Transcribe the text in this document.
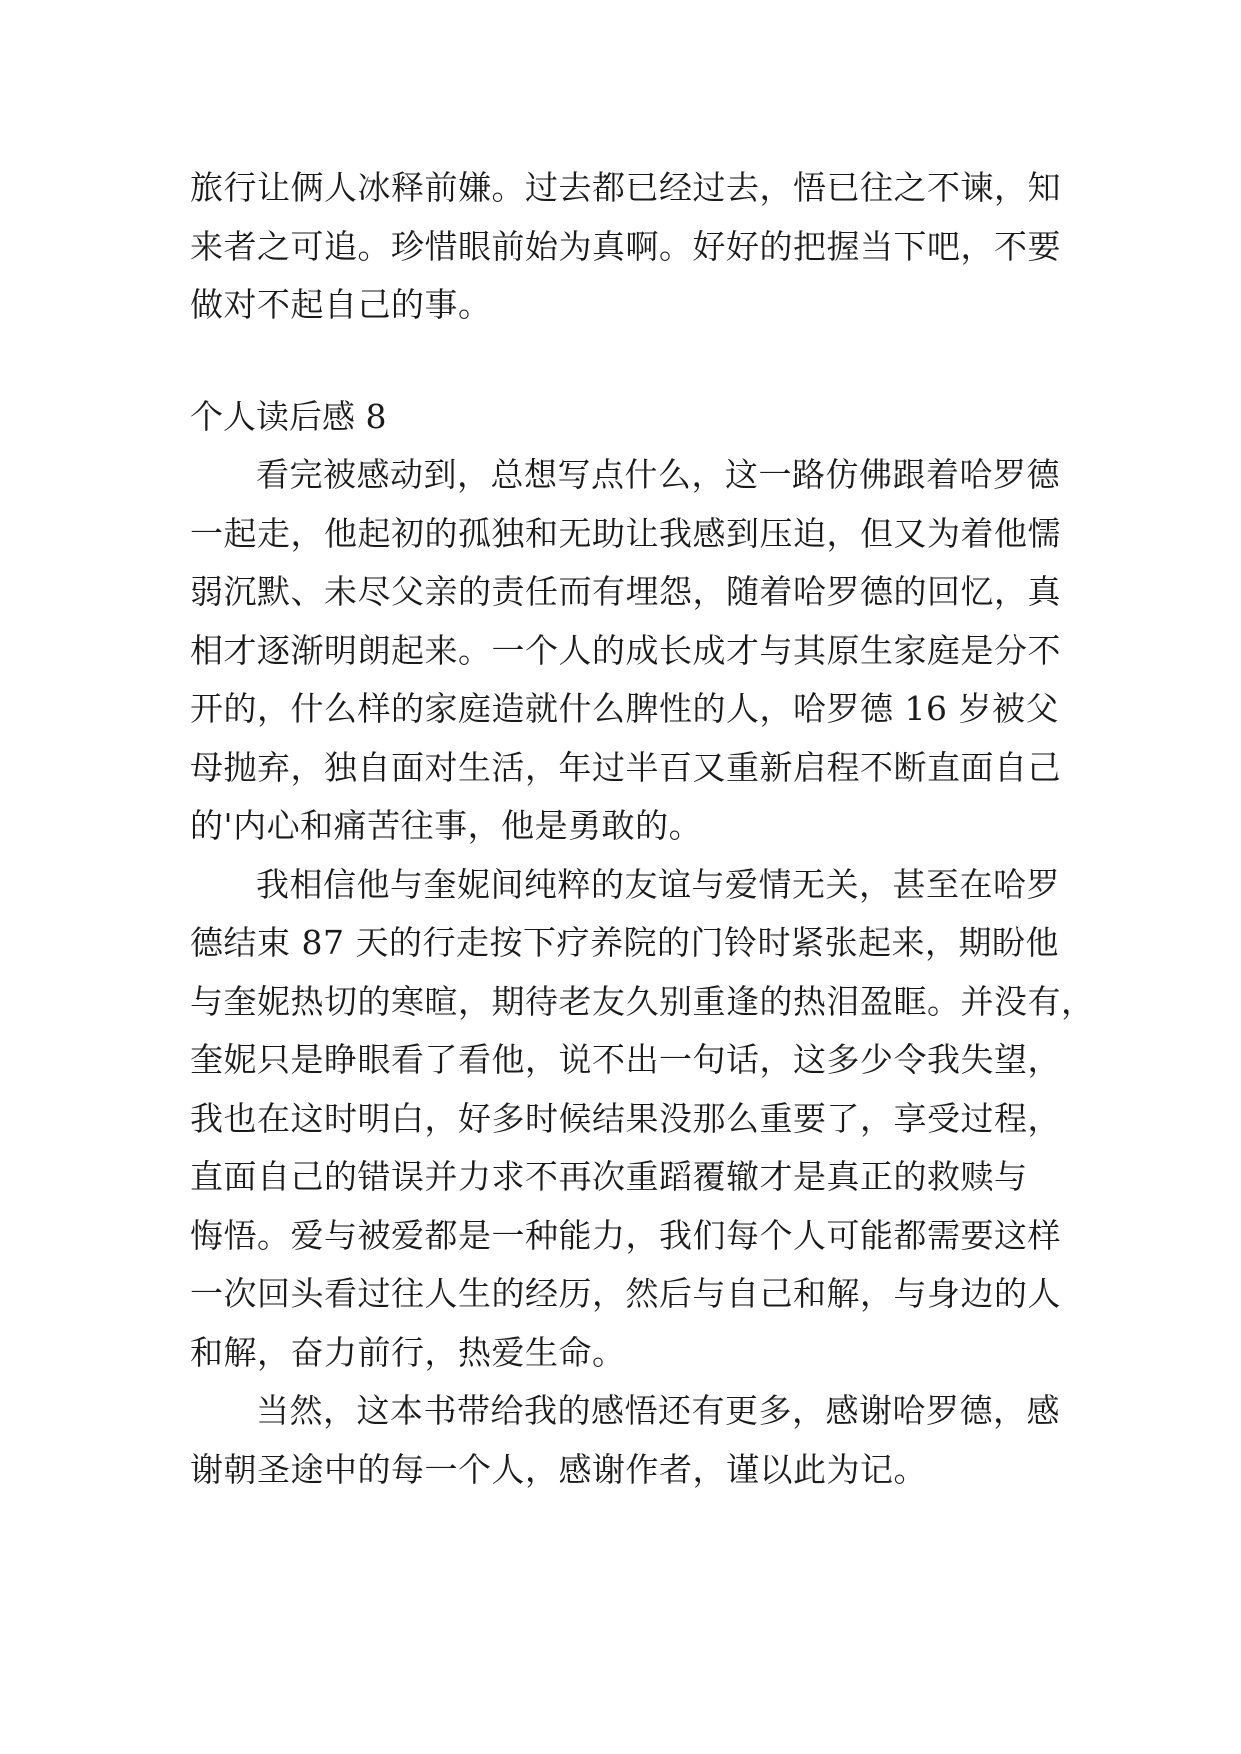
旅行让俩人冰释前嫌。过去都已经过去，悟已往之不谏，知
来者之可追。珍惜眼前始为真啊。好好的把握当下吧，不要
做对不起自己的事。
个人读后感 8
看完被感动到，总想写点什么，这一路仿佛跟着哈罗德
一起走，他起初的孤独和无助让我感到压迫，但又为着他懦
弱沉默、未尽父亲的责任而有埋怨，随着哈罗德的回忆，真
相才逐渐明朗起来。一个人的成长成才与其原生家庭是分不
开的，什么样的家庭造就什么脾性的人，哈罗德 16 岁被父
母抛弃，独自面对生活，年过半百又重新启程不断直面自己
的'内心和痛苦往事，他是勇敢的。
我相信他与奎妮间纯粹的友谊与爱情无关，甚至在哈罗
德结束 87 天的行走按下疗养院的门铃时紧张起来，期盼他
与奎妮热切的寒暄，期待老友久别重逢的热泪盈眶。并没有，
奎妮只是睁眼看了看他，说不出一句话，这多少令我失望，
我也在这时明白，好多时候结果没那么重要了，享受过程，
直面自己的错误并力求不再次重蹈覆辙才是真正的救赎与
悔悟。爱与被爱都是一种能力，我们每个人可能都需要这样
一次回头看过往人生的经历，然后与自己和解，与身边的人
和解，奋力前行，热爱生命。
当然，这本书带给我的感悟还有更多，感谢哈罗德，感
谢朝圣途中的每一个人，感谢作者，谨以此为记。
